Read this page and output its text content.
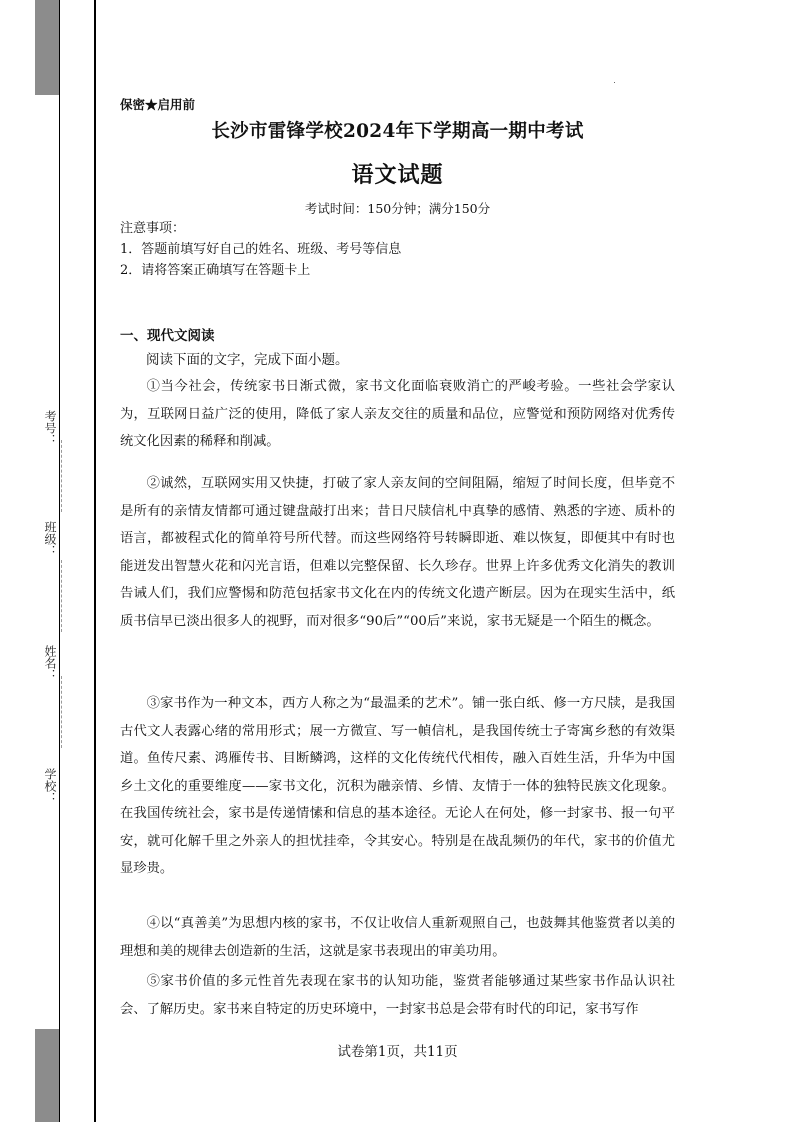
学校：
姓名：
班级：
考号：
保密★启用前
长沙市雷锋学校2024年下学期高一期中考试
语文试题
考试时间：150分钟；满分150分
注意事项：
1．答题前填写好自己的姓名、班级、考号等信息
2．请将答案正确填写在答题卡上
一、现代文阅读
阅读下面的文字，完成下面小题。

①当今社会，传统家书日渐式微，家书文化面临衰败消亡的严峻考验。一些社会学家认为，互联网日益广泛的使用，降低了家人亲友交往的质量和品位，应警觉和预防网络对优秀传统文化因素的稀释和削减。

②诚然，互联网实用又快捷，打破了家人亲友间的空间阻隔，缩短了时间长度，但毕竟不是所有的亲情友情都可通过键盘敲打出来；昔日尺牍信札中真挚的感情、熟悉的字迹、质朴的语言，都被程式化的简单符号所代替。而这些网络符号转瞬即逝、难以恢复，即便其中有时也能迸发出智慧火花和闪光言语，但难以完整保留、长久珍存。世界上许多优秀文化消失的教训告诫人们，我们应警惕和防范包括家书文化在内的传统文化遗产断层。因为在现实生活中，纸质书信早已淡出很多人的视野，而对很多“90后”“00后”来说，家书无疑是一个陌生的概念。

③家书作为一种文本，西方人称之为“最温柔的艺术”。铺一张白纸、修一方尺牍，是我国古代文人表露心绪的常用形式；展一方微宣、写一幀信札，是我国传统士子寄寓乡愁的有效渠道。鱼传尺素、鸿雁传书、目断鳞鸿，这样的文化传统代代相传，融入百姓生活，升华为中国乡土文化的重要维度——家书文化，沉积为融亲情、乡情、友情于一体的独特民族文化现象。在我国传统社会，家书是传递情愫和信息的基本途径。无论人在何处，修一封家书、报一句平安，就可化解千里之外亲人的担忧挂牵，令其安心。特别是在战乱频仍的年代，家书的价值尤显珍贵。

④以“真善美”为思想内核的家书，不仅让收信人重新观照自己，也鼓舞其他鉴赏者以美的理想和美的规律去创造新的生活，这就是家书表现出的审美功用。

⑤家书价值的多元性首先表现在家书的认知功能，鉴赏者能够通过某些家书作品认识社会、了解历史。家书来自特定的历史环境中，一封家书总是会带有时代的印记，家书写作

试卷第1页，共11页
